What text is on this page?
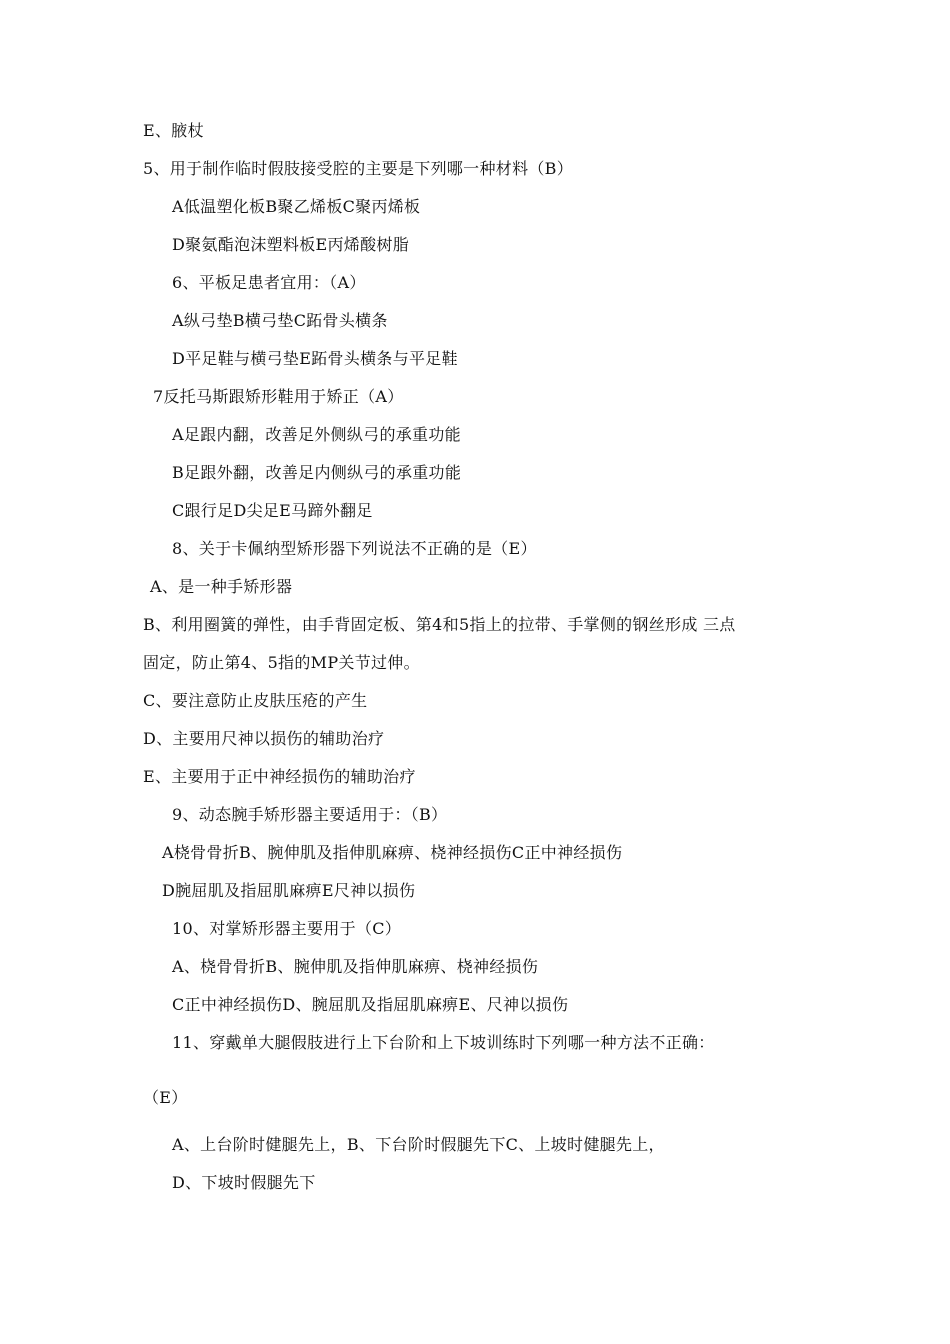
E、腋杖
5、用于制作临时假肢接受腔的主要是下列哪一种材料（B）
A低温塑化板B聚乙烯板C聚丙烯板
D聚氨酯泡沫塑料板E丙烯酸树脂
6、平板足患者宜用：（A）
A纵弓垫B横弓垫C跖骨头横条
D平足鞋与横弓垫E跖骨头横条与平足鞋
7反托马斯跟矫形鞋用于矫正（A）
A足跟内翻，改善足外侧纵弓的承重功能
B足跟外翻，改善足内侧纵弓的承重功能
C跟行足D尖足E马蹄外翻足
8、关于卡佩纳型矫形器下列说法不正确的是（E）
A、是一种手矫形器
B、利用圈簧的弹性，由手背固定板、第4和5指上的拉带、手掌侧的钢丝形成 三点
固定，防止第4、5指的MP关节过伸。
C、要注意防止皮肤压疮的产生
D、主要用尺神以损伤的辅助治疗
E、主要用于正中神经损伤的辅助治疗
9、动态腕手矫形器主要适用于：（B）
A桡骨骨折B、腕伸肌及指伸肌麻痹、桡神经损伤C正中神经损伤
D腕屈肌及指屈肌麻痹E尺神以损伤
10、对掌矫形器主要用于（C）
A、桡骨骨折B、腕伸肌及指伸肌麻痹、桡神经损伤
C正中神经损伤D、腕屈肌及指屈肌麻痹E、尺神以损伤
11、穿戴单大腿假肢进行上下台阶和上下坡训练时下列哪一种方法不正确：
（E）
A、上台阶时健腿先上，B、下台阶时假腿先下C、上坡时健腿先上，
D、下坡时假腿先下
